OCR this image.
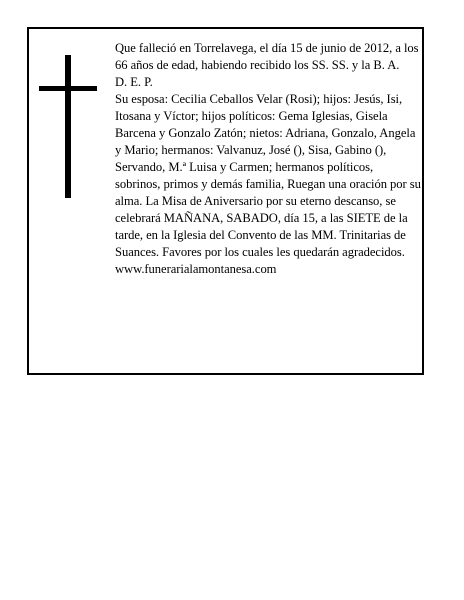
Que falleció en Torrelavega, el día 15 de junio de 2012, a los 66 años de edad, habiendo recibido los SS. SS. y la B. A.

D. E. P.

Su esposa: Cecilia Ceballos Velar (Rosi); hijos: Jesús, Isi, Itosana y Víctor; hijos políticos: Gema Iglesias, Gisela Barcena y Gonzalo Zatón; nietos: Adriana, Gonzalo, Angela y Mario; hermanos: Valvanuz, José (), Sisa, Gabino (), Servando, M.ª Luisa y Carmen; hermanos políticos, sobrinos, primos y demás familia, Ruegan una oración por su alma. La Misa de Aniversario por su eterno descanso, se celebrará MAÑANA, SABADO, día 15, a las SIETE de la tarde, en la Iglesia del Convento de las MM. Trinitarias de Suances. Favores por los cuales les quedarán agradecidos.

www.funerarialamontanesa.com
